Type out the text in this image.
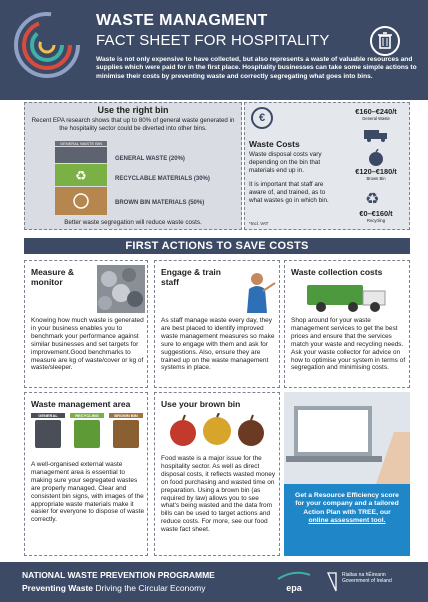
WASTE MANAGMENT
FACT SHEET FOR HOSPITALITY
Waste is not only expensive to have collected, but also represents a waste of valuable resources and supplies which were paid for in the first place. Hospitality businesses can take some simple actions to minimise their costs by preventing waste and correctly segregating what goes into bins.
Use the right bin
Recent EPA research shows that up to 80% of general waste generated in the hospitality sector could be diverted into other bins.
GENERAL WASTE BIN
♻
GENERAL WASTE (20%)
RECYCLABLE MATERIALS (30%)
BROWN BIN MATERIALS (50%)
Better waste segregation will reduce waste costs.
€
Waste Costs
Waste disposal costs vary depending on the bin that materials end up in.
It is important that staff are aware of, and trained, as to what wastes go in which bin.
*Incl. VAT
€160–€240/t
General Waste
€120–€180/t
Brown Bin
♻
€0–€160/t
Recycling
FIRST ACTIONS TO SAVE COSTS
Measure & monitor
Knowing how much waste is generated in your business enables you to benchmark your performance against similar businesses and set targets for improvement.Good benchmarks to measure are kg of waste/cover or kg of waste/sleeper.
Engage & train staff
As staff manage waste every day, they are best placed to identify improved waste management measures so make sure to engage with them and ask for suggestions. Also, ensure they are trained up on the waste management systems in place.
Waste collection costs
Shop around for your waste management services to get the best prices and ensure that the services match your waste and recycling needs. Ask your waste collector for advice on how to optimise your system in terms of segregation and minimising costs.
Waste management area
GENERAL	RECYCLING	BROWN BIN
A well-organised external waste management area is essential to making sure your segregated wastes are properly managed. Clear and consistent bin signs, with images of the appropriate waste materials make it easier for everyone to dispose of waste correctly.
Use your brown bin
Food waste is a major issue for the hospitality sector. As well as direct disposal costs, it reflects wasted money on food purchasing and wasted time on preparation. Using a brown bin (as required by law) allows you to see what's being wasted and the data from bills can be used to target actions and reduce costs. For more, see our food waste fact sheet.
Get a Resource Efficiency score
for your company and a tailored
Action Plan with TREE, our
online assessment tool.
NATIONAL WASTE PREVENTION PROGRAMME
Preventing Waste Driving the Circular Economy	epa
Rialtas na hÉireann
Government of Ireland
